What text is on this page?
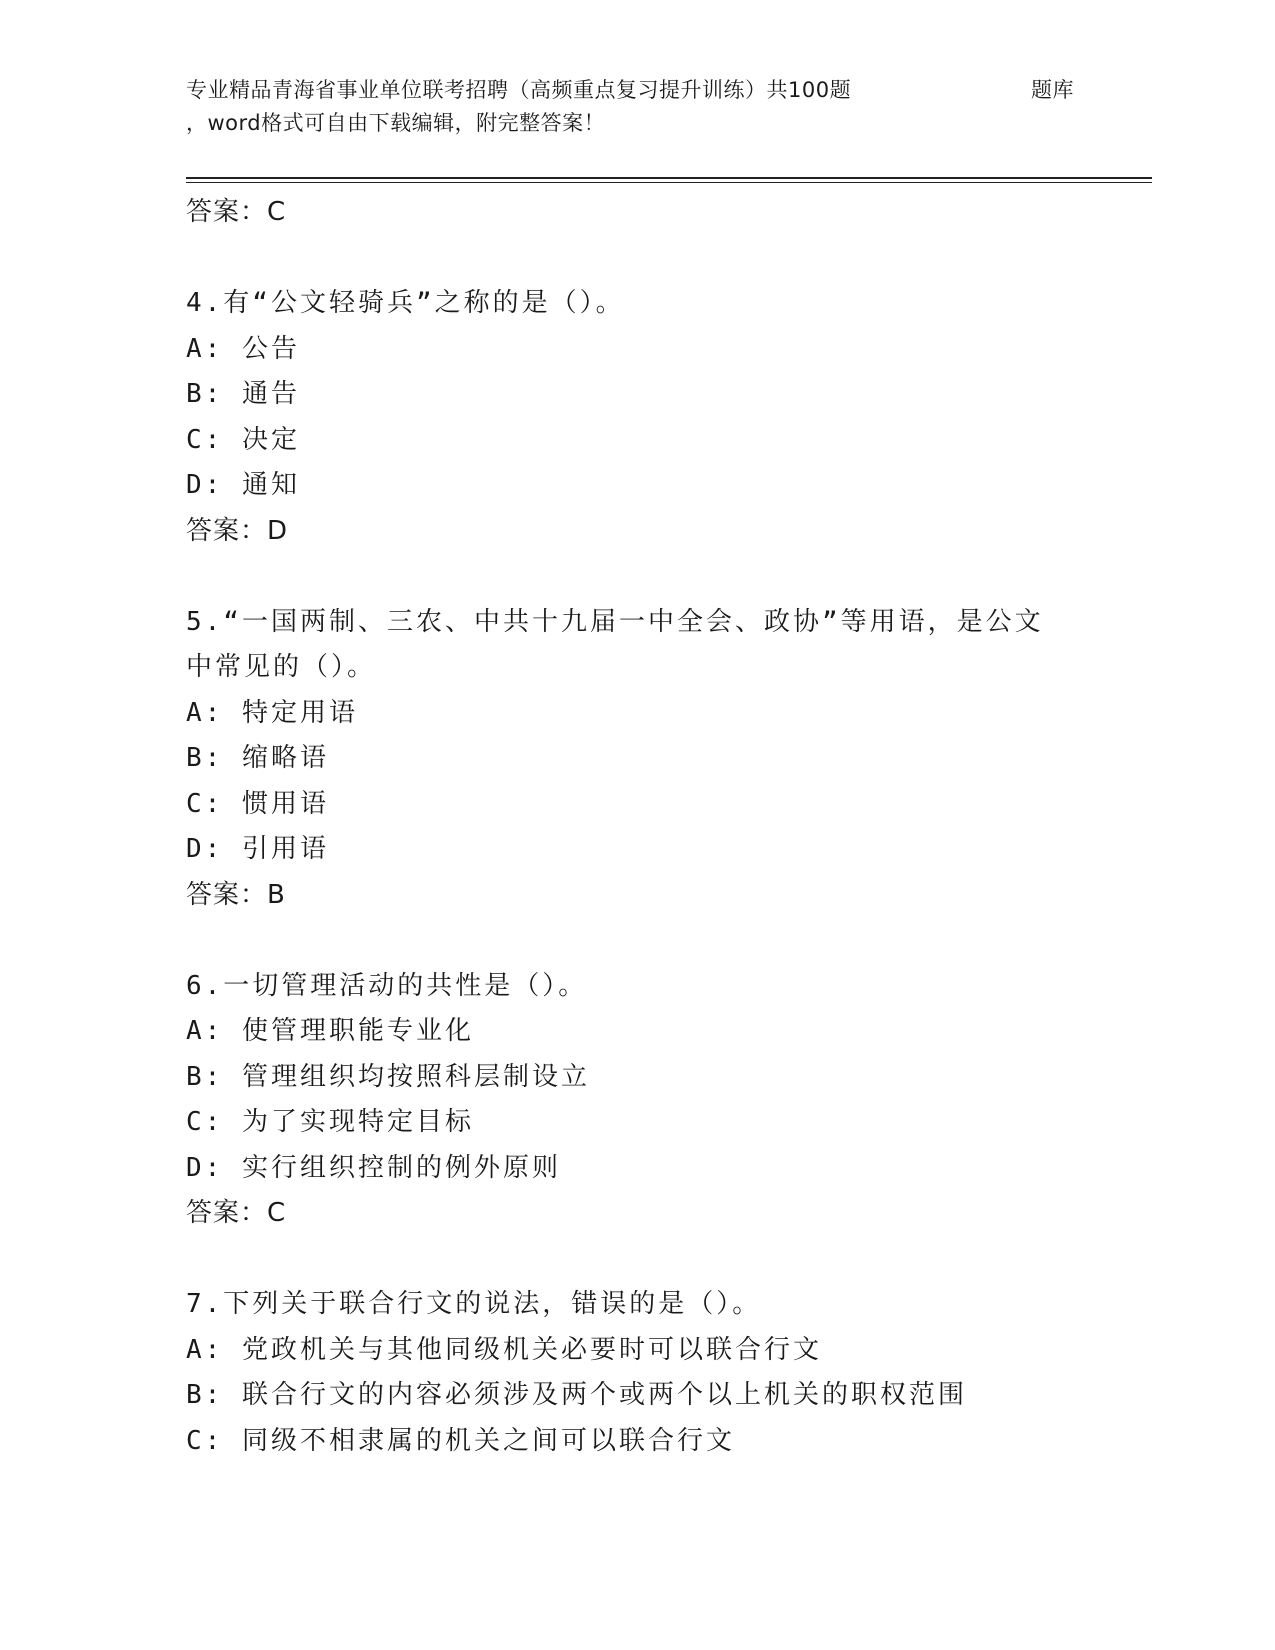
专业精品青海省事业单位联考招聘（高频重点复习提升训练）共100题	题库
，word格式可自由下载编辑，附完整答案！
答案：C
4.有“公文轻骑兵”之称的是（）。
A: 公告
B: 通告
C: 决定
D: 通知
答案：D
5.“一国两制、三农、中共十九届一中全会、政协”等用语，是公文
中常见的（）。
A: 特定用语
B: 缩略语
C: 惯用语
D: 引用语
答案：B
6.一切管理活动的共性是（）。
A: 使管理职能专业化
B: 管理组织均按照科层制设立
C: 为了实现特定目标
D: 实行组织控制的例外原则
答案：C
7.下列关于联合行文的说法，错误的是（）。
A: 党政机关与其他同级机关必要时可以联合行文
B: 联合行文的内容必须涉及两个或两个以上机关的职权范围
C: 同级不相隶属的机关之间可以联合行文
